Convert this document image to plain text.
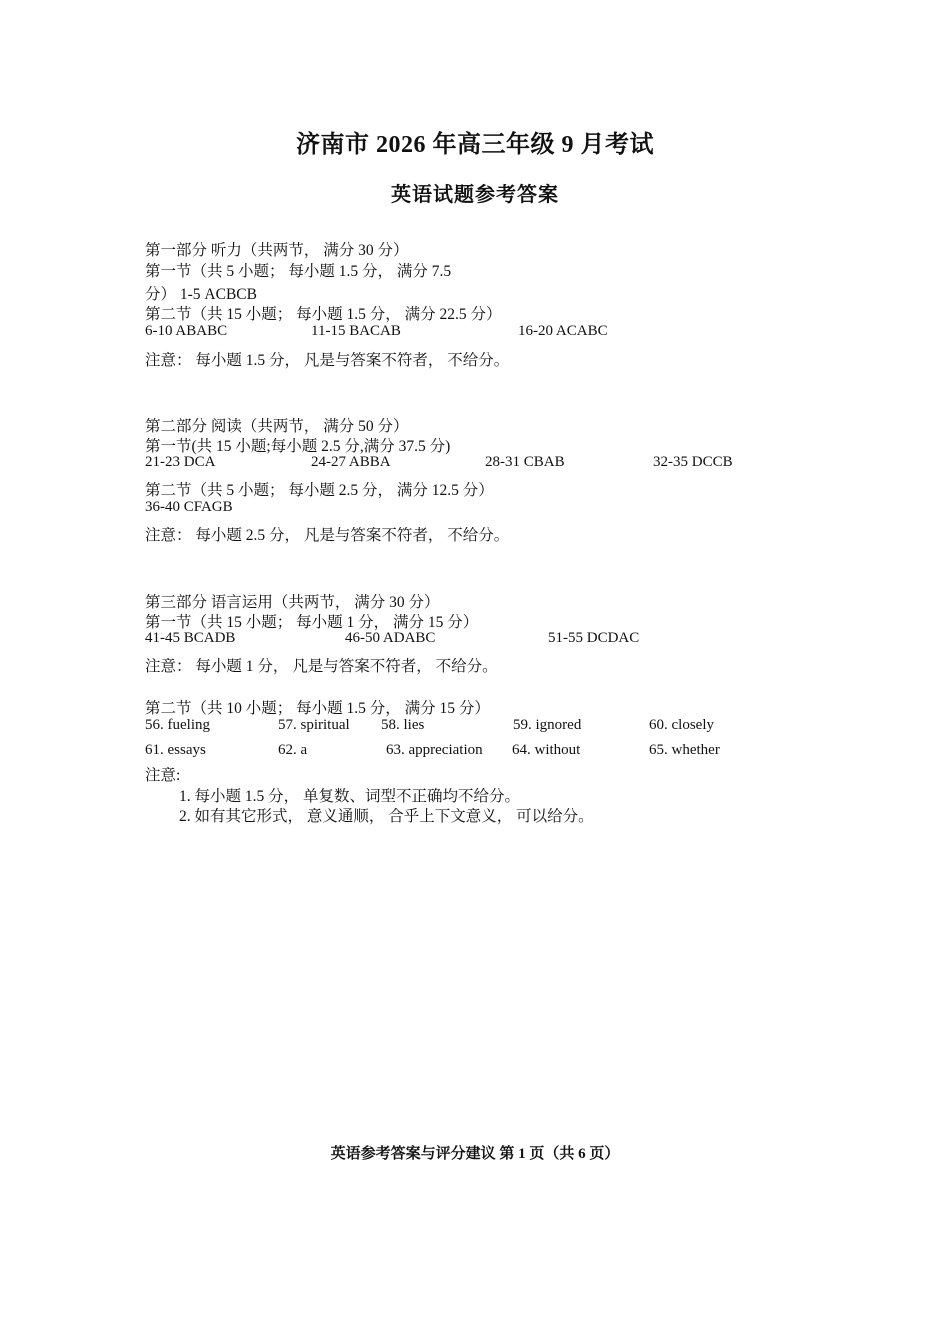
济南市 2026 年高三年级 9 月考试
英语试题参考答案
第一部分 听力（共两节， 满分 30 分）
第一节（共 5 小题； 每小题 1.5 分， 满分 7.5
分） 1-5 ACBCB
第二节（共 15 小题； 每小题 1.5 分， 满分 22.5 分）
6-10 ABABC	11-15 BACAB	16-20 ACABC
注意： 每小题 1.5 分， 凡是与答案不符者， 不给分。
第二部分 阅读（共两节， 满分 50 分）
第一节(共 15 小题;每小题 2.5 分,满分 37.5 分)
21-23 DCA	24-27 ABBA	28-31 CBAB	32-35 DCCB
第二节（共 5 小题； 每小题 2.5 分， 满分 12.5 分）
36-40 CFAGB
注意： 每小题 2.5 分， 凡是与答案不符者， 不给分。
第三部分 语言运用（共两节， 满分 30 分）
第一节（共 15 小题； 每小题 1 分， 满分 15 分）
41-45 BCADB	46-50 ADABC	51-55 DCDAC
注意： 每小题 1 分， 凡是与答案不符者， 不给分。
第二节（共 10 小题； 每小题 1.5 分， 满分 15 分）
56. fueling	57. spiritual 58. lies	59. ignored	60. closely
61. essays	62. a	63. appreciation 64. without	65. whether
注意:
1. 每小题 1.5 分， 单复数、词型不正确均不给分。
2. 如有其它形式， 意义通顺， 合乎上下文意义， 可以给分。
英语参考答案与评分建议 第 1 页（共 6 页）
